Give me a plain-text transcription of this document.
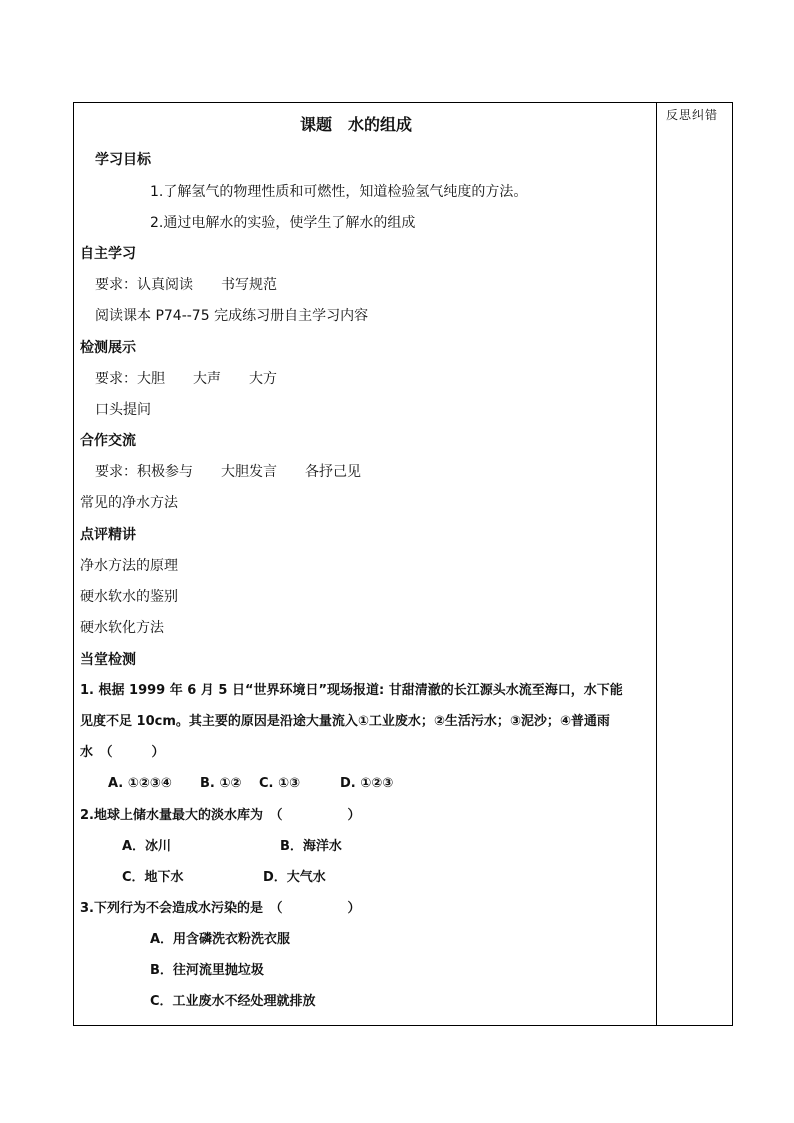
反思纠错
课题　水的组成
学习目标
1.了解氢气的物理性质和可燃性，知道检验氢气纯度的方法。
2.通过电解水的实验，使学生了解水的组成
自主学习
要求：认真阅读　　书写规范
阅读课本 P74--75 完成练习册自主学习内容
检测展示
要求：大胆　　大声　　大方
口头提问
合作交流
要求：积极参与　　大胆发言　　各抒己见
常见的净水方法
点评精讲
净水方法的原理
硬水软水的鉴别
硬水软化方法
当堂检测
1. 根据 1999 年 6 月 5 日“世界环境日”现场报道: 甘甜清澈的长江源头水流至海口，水下能
见度不足 10cm。其主要的原因是沿途大量流入①工业废水；②生活污水；③泥沙；④普通雨
水　（　　　）
A. ①②③④ B. ①② C. ①③	D. ①②③
2.地球上储水量最大的淡水库为　（　　　　　）
A．冰川	B．海洋水
C．地下水	D．大气水
3.下列行为不会造成水污染的是　（　　　　　）
A．用含磷洗衣粉洗衣服
B．往河流里抛垃圾
C．工业废水不经处理就排放
